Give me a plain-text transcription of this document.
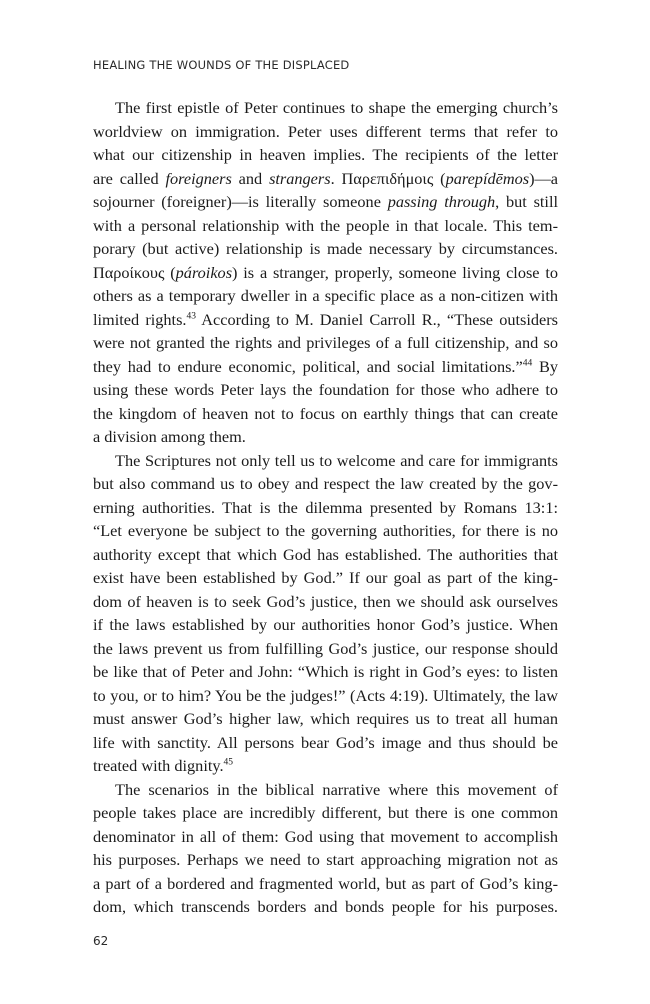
HEALING THE WOUNDS OF THE DISPLACED
The first epistle of Peter continues to shape the emerging church’s
worldview on immigration. Peter uses different terms that refer to
what our citizenship in heaven implies. The recipients of the letter
are called foreigners and strangers. Παρεπιδήμοις (parepídēmos)—a
sojourner (foreigner)—is literally someone passing through, but still
with a personal relationship with the people in that locale. This tem-
porary (but active) relationship is made necessary by circumstances.
Παροίκους (pároikos) is a stranger, properly, someone living close to
others as a temporary dweller in a specific place as a non-citizen with
limited rights.$^{43}$ According to M. Daniel Carroll R., “These outsiders
were not granted the rights and privileges of a full citizenship, and so
they had to endure economic, political, and social limitations.”$^{44}$ By
using these words Peter lays the foundation for those who adhere to
the kingdom of heaven not to focus on earthly things that can create
a division among them.
The Scriptures not only tell us to welcome and care for immigrants
but also command us to obey and respect the law created by the gov-
erning authorities. That is the dilemma presented by Romans 13:1:
“Let everyone be subject to the governing authorities, for there is no
authority except that which God has established. The authorities that
exist have been established by God.” If our goal as part of the king-
dom of heaven is to seek God’s justice, then we should ask ourselves
if the laws established by our authorities honor God’s justice. When
the laws prevent us from fulfilling God’s justice, our response should
be like that of Peter and John: “Which is right in God’s eyes: to listen
to you, or to him? You be the judges!” (Acts 4:19). Ultimately, the law
must answer God’s higher law, which requires us to treat all human
life with sanctity. All persons bear God’s image and thus should be
treated with dignity.$^{45}$
The scenarios in the biblical narrative where this movement of
people takes place are incredibly different, but there is one common
denominator in all of them: God using that movement to accomplish
his purposes. Perhaps we need to start approaching migration not as
a part of a bordered and fragmented world, but as part of God’s king-
dom, which transcends borders and bonds people for his purposes.
62
